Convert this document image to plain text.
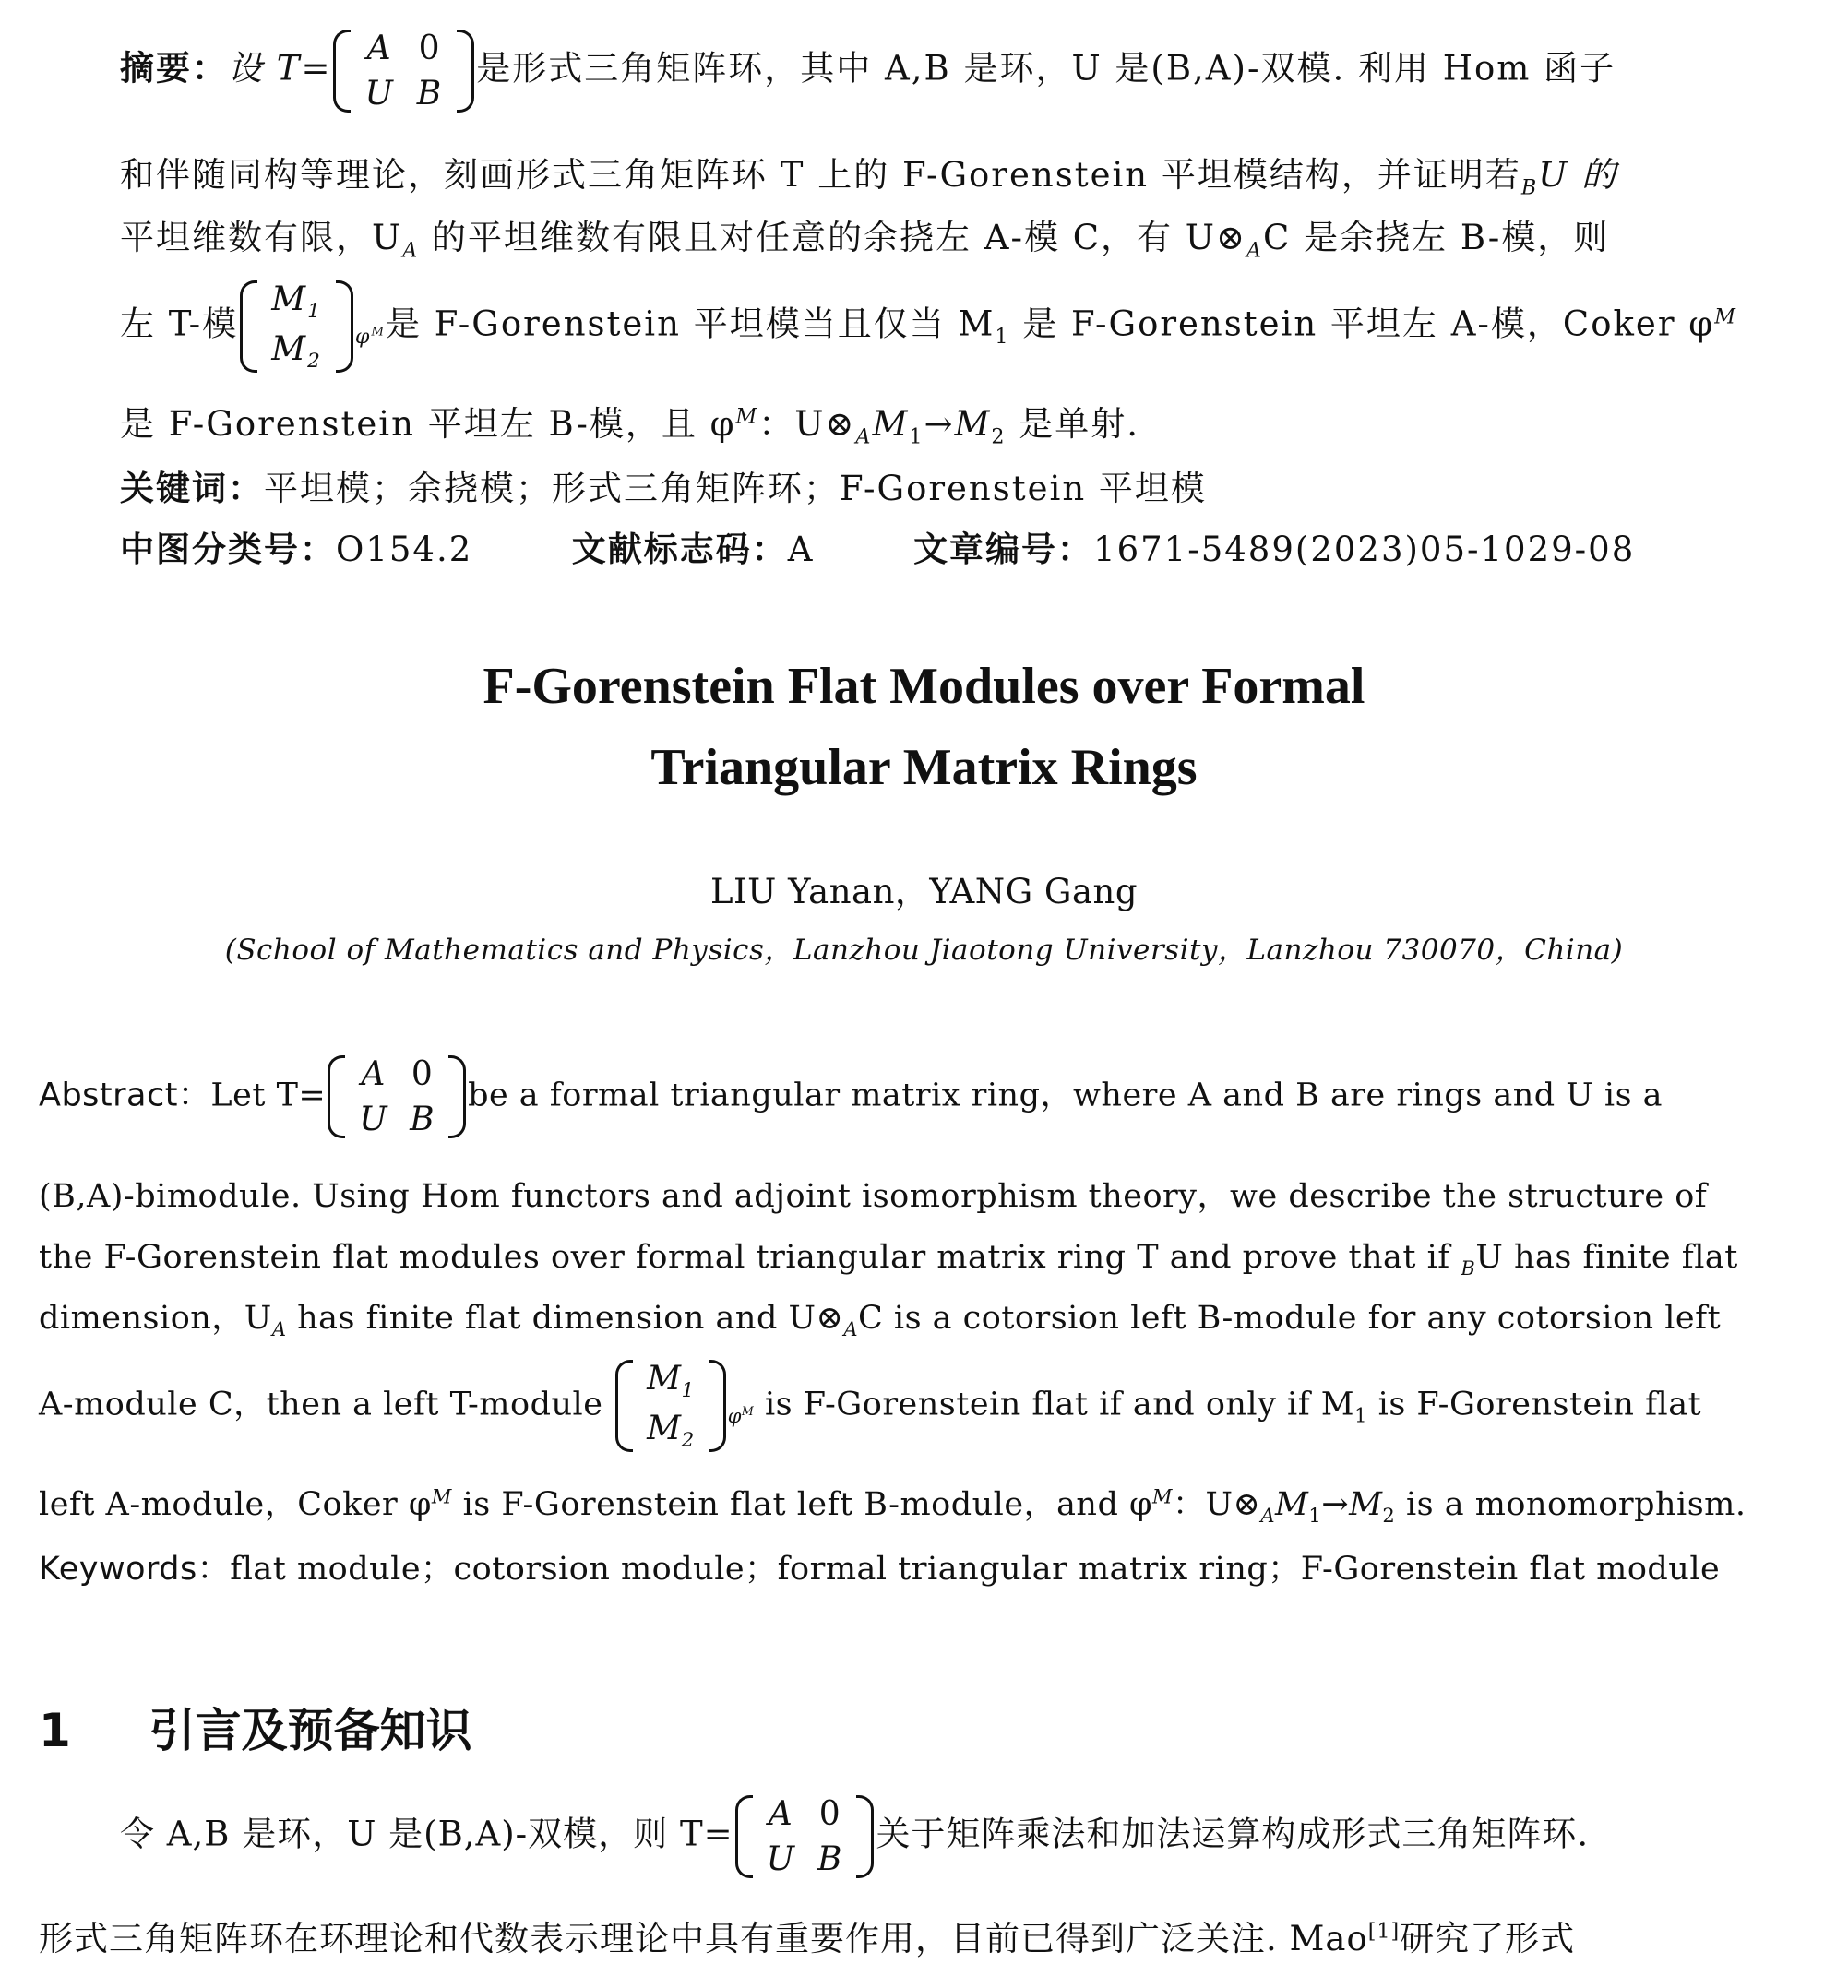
摘要：设 T= A	0
U	B
是形式三角矩阵环，其中 A,B 是环，U 是(B,A)-双模. 利用 Hom 函子
和伴随同构等理论，刻画形式三角矩阵环 T 上的 F-Gorenstein 平坦模结构，并证明若$_B$U 的
平坦维数有限，$U_A$ 的平坦维数有限且对任意的余挠左 A-模 C，有 $U\otimes_AC$ 是余挠左 B-模，则
左 T-模
$M_1$
$M_2$
$_{\varphi^M}$是 F-Gorenstein 平坦模当且仅当 $M_1$ 是 F-Gorenstein 平坦左 A-模，Coker $\varphi^M$
是 F-Gorenstein 平坦左 B-模，且 $\varphi^M$：$U\otimes_AM_1\to M_2$ 是单射.
关键词：平坦模；余挠模；形式三角矩阵环；F-Gorenstein 平坦模
中图分类号：O154.2	文献标志码：A	文章编号：1671-5489(2023)05-1029-08
F-Gorenstein Flat Modules over Formal
Triangular Matrix Rings
LIU Yanan，YANG Gang
(School of Mathematics and Physics，Lanzhou Jiaotong University，Lanzhou 730070，China)
Abstract：Let T=
A	0
U	B
be a formal triangular matrix ring，where A and B are rings and U is a
(B,A)-bimodule. Using Hom functors and adjoint isomorphism theory，we describe the structure of
the F-Gorenstein flat modules over formal triangular matrix ring T and prove that if $_B$U has finite flat
dimension，$U_A$ has finite flat dimension and $U\otimes_AC$ is a cotorsion left B-module for any cotorsion left
A-module C，then a left T-module
$M_1$
$M_2$
$_{\varphi^M}$ is F-Gorenstein flat if and only if $M_1$ is F-Gorenstein flat
left A-module，Coker $\varphi^M$ is F-Gorenstein flat left B-module，and $\varphi^M$：$U\otimes_AM_1\to M_2$ is a monomorphism.
Keywords：flat module；cotorsion module；formal triangular matrix ring；F-Gorenstein flat module
1 引言及预备知识
令 A,B 是环，U 是(B,A)-双模，则 T= A	0
U	B
关于矩阵乘法和加法运算构成形式三角矩阵环.
形式三角矩阵环在环理论和代数表示理论中具有重要作用，目前已得到广泛关注. Mao[1]研究了形式
